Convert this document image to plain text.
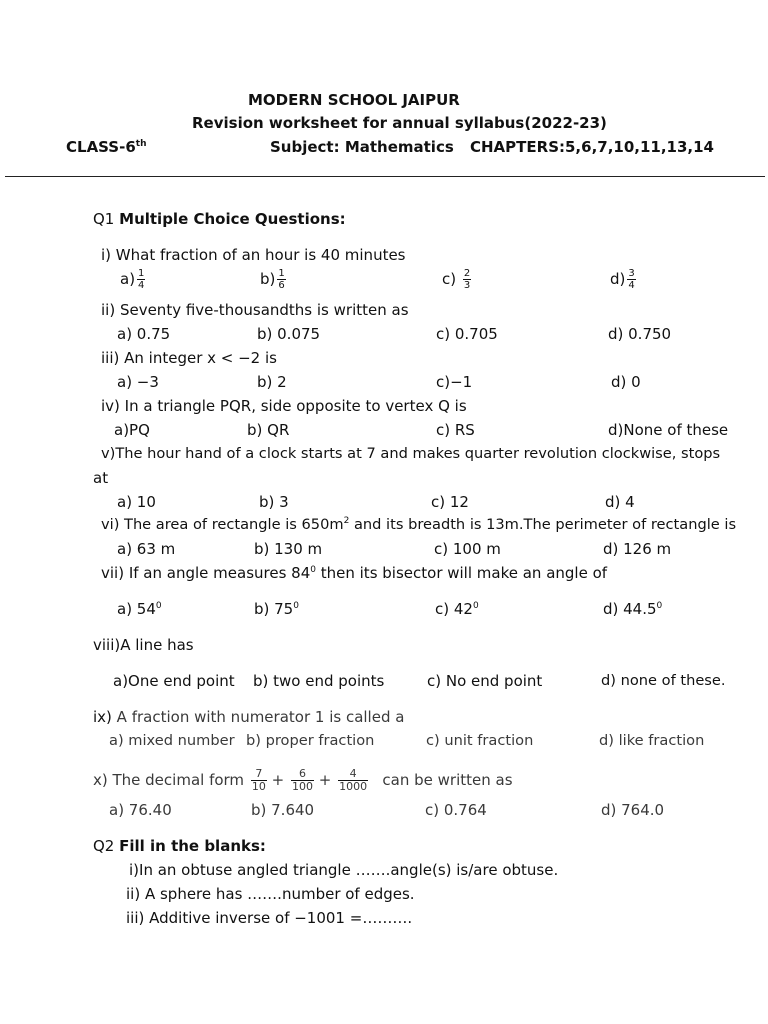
MODERN SCHOOL JAIPUR
Revision worksheet for annual syllabus(2022-23)
CLASS-6th	Subject: Mathematics CHAPTERS:5,6,7,10,11,13,14
Q1 Multiple Choice Questions:
i) What fraction of an hour is 40 minutes
$a) \frac{1}{4}$	$b) \frac{1}{6}$	$c) \frac{2}{3}$	$d) \frac{3}{4}$
ii) Seventy five-thousandths is written as
a) 0.75	b) 0.075	c) 0.705	d) 0.750
iii) An integer x < −2 is
a) −3	b) 2	c)−1	d) 0
iv) In a triangle PQR, side opposite to vertex Q is
a)PQ	b) QR	c) RS	d)None of these
v)The hour hand of a clock starts at 7 and makes quarter revolution clockwise, stops
at
a) 10	b) 3	c) 12	d) 4
vi) The area of rectangle is $650m^2$ and its breadth is 13m.The perimeter of rectangle is
a) 63 m	b) 130 m	c) 100 m	d) 126 m
vii) If an angle measures $84^0$ then its bisector will make an angle of
a) $54^0$	b) $75^0$	c) $42^0$	d) 44.5$^0$
viii)A line has
a)One end point b) two end points	c) No end point	d) none of these.
ix) A fraction with numerator 1 is called a
a) mixed number b) proper fraction	c) unit fraction	d) like fraction
x) The decimal form $\frac{7}{10} + \frac{6}{100} + \frac{4}{1000}$ can be written as
a) 76.40	b) 7.640	c) 0.764	d) 764.0
Q2 Fill in the blanks:
i)In an obtuse angled triangle …….angle(s) is/are obtuse.
ii) A sphere has …….number of edges.
iii) Additive inverse of −1001 =……….
